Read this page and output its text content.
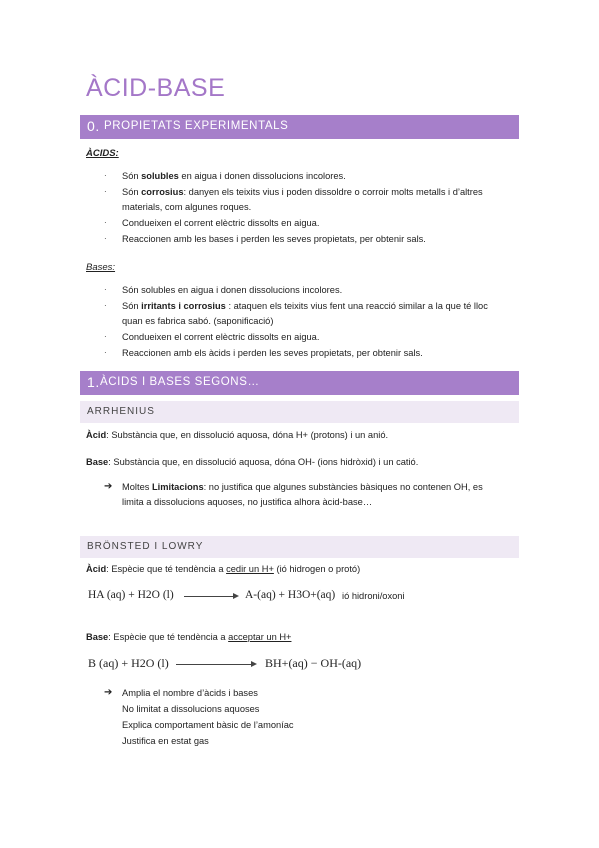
ÀCID-BASE
0. PROPIETATS EXPERIMENTALS
ÀCIDS:
· Són solubles en aigua i donen dissolucions incolores.
· Són corrosius: danyen els teixits vius i poden dissoldre o corroir molts metalls i d’altres
materials, com algunes roques.
· Condueixen el corrent elèctric dissolts en aigua.
· Reaccionen amb les bases i perden les seves propietats, per obtenir sals.
Bases:
· Són solubles en aigua i donen dissolucions incolores.
· Són irritants i corrosius : ataquen els teixits vius fent una reacció similar a la que té lloc
quan es fabrica sabó. (saponificació)
· Condueixen el corrent elèctric dissolts en aigua.
· Reaccionen amb els àcids i perden les seves propietats, per obtenir sals.
1. ÀCIDS I BASES SEGONS…
ARRHENIUS
Àcid: Substància que, en dissolució aquosa, dóna H+ (protons) i un anió.
Base: Substància que, en dissolució aquosa, dóna OH- (ions hidròxid) i un catió.
➔ Moltes Limitacions: no justifica que algunes substàncies bàsiques no contenen OH, es
limita a dissolucions aquoses, no justifica alhora àcid-base…
BRÖNSTED I LOWRY
Àcid: Espècie que té tendència a cedir un H+ (ió hidrogen o protó)
HA (aq) + H2O (l)	A-(aq) + H3O+(aq) ió hidroni/oxoni
Base: Espècie que té tendència a acceptar un H+
B (aq) + H2O (l)	BH+(aq) − OH-(aq)
➔ Amplia el nombre d’àcids i bases
No limitat a dissolucions aquoses
Explica comportament bàsic de l’amoníac
Justifica en estat gas
